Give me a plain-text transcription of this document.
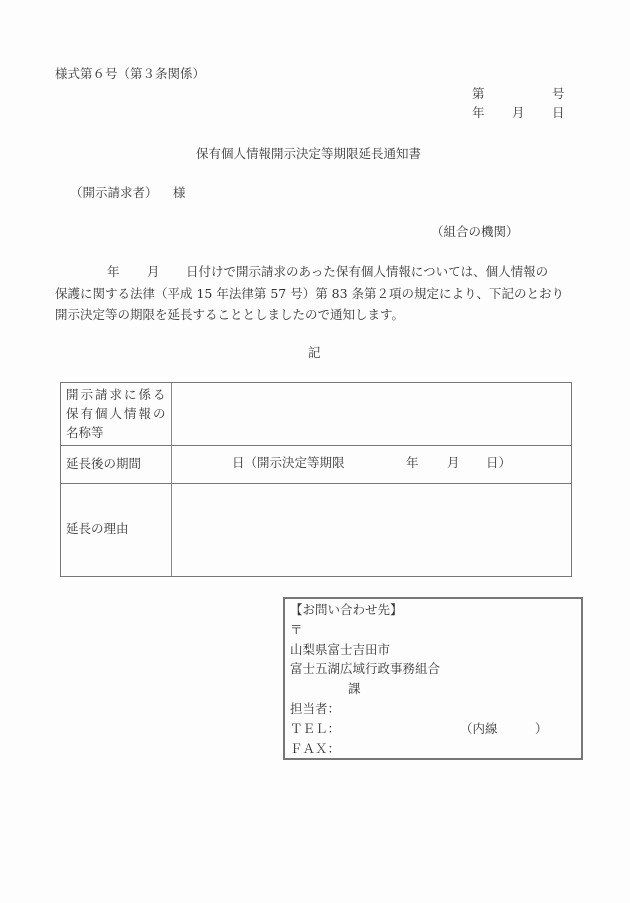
様式第６号（第３条関係）
第	号
年 月 日
保有個人情報開示決定等期限延長通知書
（開示請求者） 様
（組合の機関）
年 月 日付けで開示請求のあった保有個人情報については、個人情報の
保護に関する法律（平成 15 年法律第 57 号）第 83 条第２項の規定により、下記のとおり
開示決定等の期限を延長することとしましたので通知します。
記
開示請求に係る
保有個人情報の
名称等
延長後の期間	日（開示決定等期限	年 月 日）
延長の理由
【お問い合わせ先】
〒
山梨県富士吉田市
富士五湖広域行政事務組合
課
担当者：
ＴＥＬ：	（内線　　　）
ＦＡＸ：
